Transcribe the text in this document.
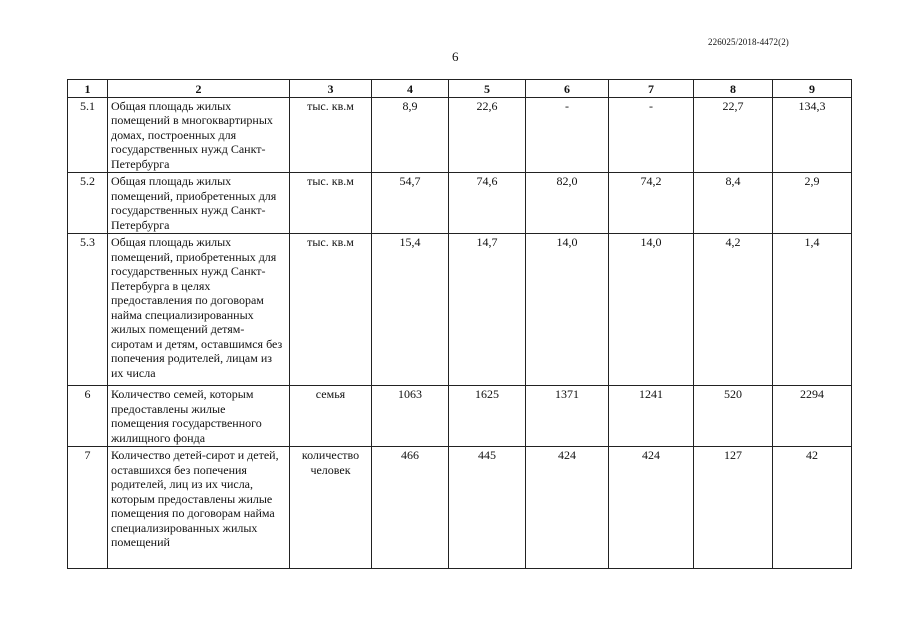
226025/2018-4472(2)
6
1	2	3	4	5	6	7	8	9
5.1	Общая площадь жилых помещений в многоквартирных домах, построенных для государственных нужд Санкт-Петербурга	тыс. кв.м	8,9	22,6	-	-	22,7	134,3
5.2	Общая площадь жилых помещений, приобретенных для государственных нужд Санкт-Петербурга	тыс. кв.м	54,7	74,6	82,0	74,2	8,4	2,9
5.3	Общая площадь жилых помещений, приобретенных для государственных нужд Санкт-Петербурга в целях предоставления по договорам найма специализированных жилых помещений детям-сиротам и детям, оставшимся без попечения родителей, лицам из их числа	тыс. кв.м	15,4	14,7	14,0	14,0	4,2	1,4
6	Количество семей, которым предоставлены жилые помещения государственного жилищного фонда	семья	1063	1625	1371	1241	520	2294
7	Количество детей-сирот и детей, оставшихся без попечения родителей, лиц из их числа, которым предоставлены жилые помещения по договорам найма специализированных жилых помещений	количество человек	466	445	424	424	127	42
